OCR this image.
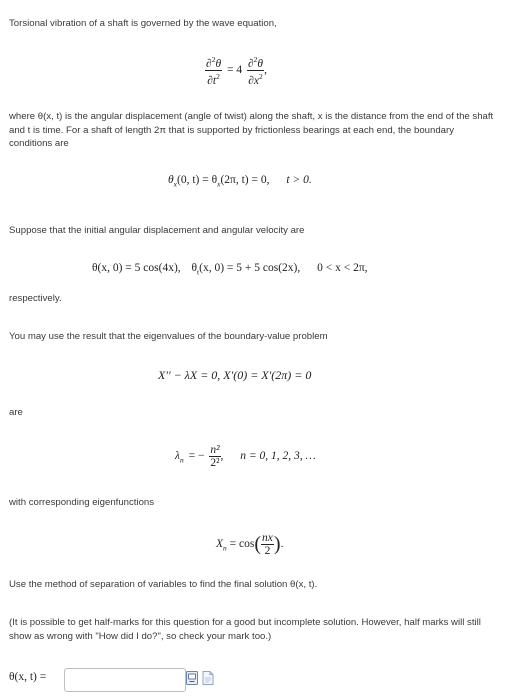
Torsional vibration of a shaft is governed by the wave equation,
$\frac{\partial^2\theta}{\partial t^2} = 4 \frac{\partial^2\theta}{\partial x^2}$ ,
where θ(x, t) is the angular displacement (angle of twist) along the shaft, x is the distance from the end of the shaft and t is time. For a shaft of length 2π that is supported by frictionless bearings at each end, the boundary conditions are
$\theta_x(0$, $t) = \theta_x(2\pi$, t) = 0, t > 0.
Suppose that the initial angular displacement and angular velocity are
θ(x, 0) = 5 cos(4x), $\theta_t(x$, 0) = 5 + 5 cos(2x), 0 < x < 2π,
respectively.
You may use the result that the eigenvalues of the boundary-value problem
X′′ − λX = 0, X′(0) = X′(2π) = 0
are
$\lambda_n$ = − $\frac{\text{n²}}{\text{2²}}$ , n = 0, 1, 2, 3, …
with corresponding eigenfunctions
$X_n = \cos( \frac{nx}{2}$ ).
Use the method of separation of variables to find the final solution θ(x, t).
(It is possible to get half-marks for this question for a good but incomplete solution. However, half marks will still show as wrong with "How did I do?", so check your mark too.)
θ(x, t) =
